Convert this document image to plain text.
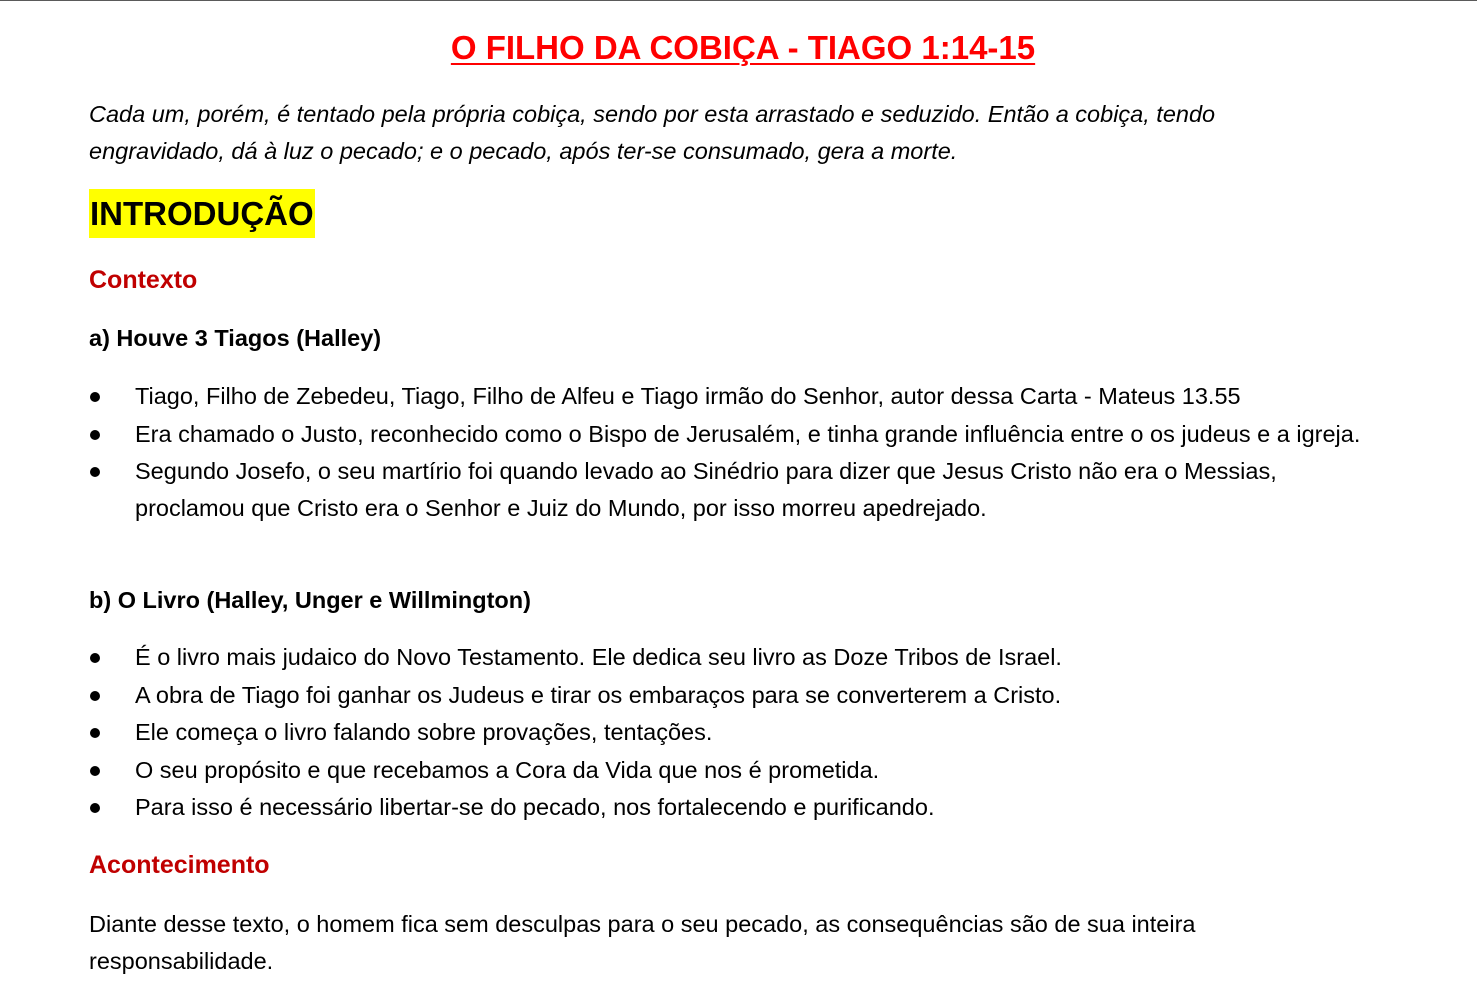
O FILHO DA COBIÇA - TIAGO 1:14-15
Cada um, porém, é tentado pela própria cobiça, sendo por esta arrastado e seduzido. Então a cobiça, tendo engravidado, dá à luz o pecado; e o pecado, após ter-se consumado, gera a morte.
INTRODUÇÃO
Contexto
a) Houve 3 Tiagos (Halley)
Tiago, Filho de Zebedeu, Tiago, Filho de Alfeu e Tiago irmão do Senhor, autor dessa Carta - Mateus 13.55
Era chamado o Justo, reconhecido como o Bispo de Jerusalém, e tinha grande influência entre o os judeus e a igreja.
Segundo Josefo, o seu martírio foi quando levado ao Sinédrio para dizer que Jesus Cristo não era o Messias, proclamou que Cristo era o Senhor e Juiz do Mundo, por isso morreu apedrejado.
b) O Livro (Halley, Unger e Willmington)
É o livro mais judaico do Novo Testamento. Ele dedica seu livro as Doze Tribos de Israel.
A obra de Tiago foi ganhar os Judeus e tirar os embaraços para se converterem a Cristo.
Ele começa o livro falando sobre provações, tentações.
O seu propósito e que recebamos a Cora da Vida que nos é prometida.
Para isso é necessário libertar-se do pecado, nos fortalecendo e purificando.
Acontecimento
Diante desse texto, o homem fica sem desculpas para o seu pecado, as consequências são de sua inteira responsabilidade.
